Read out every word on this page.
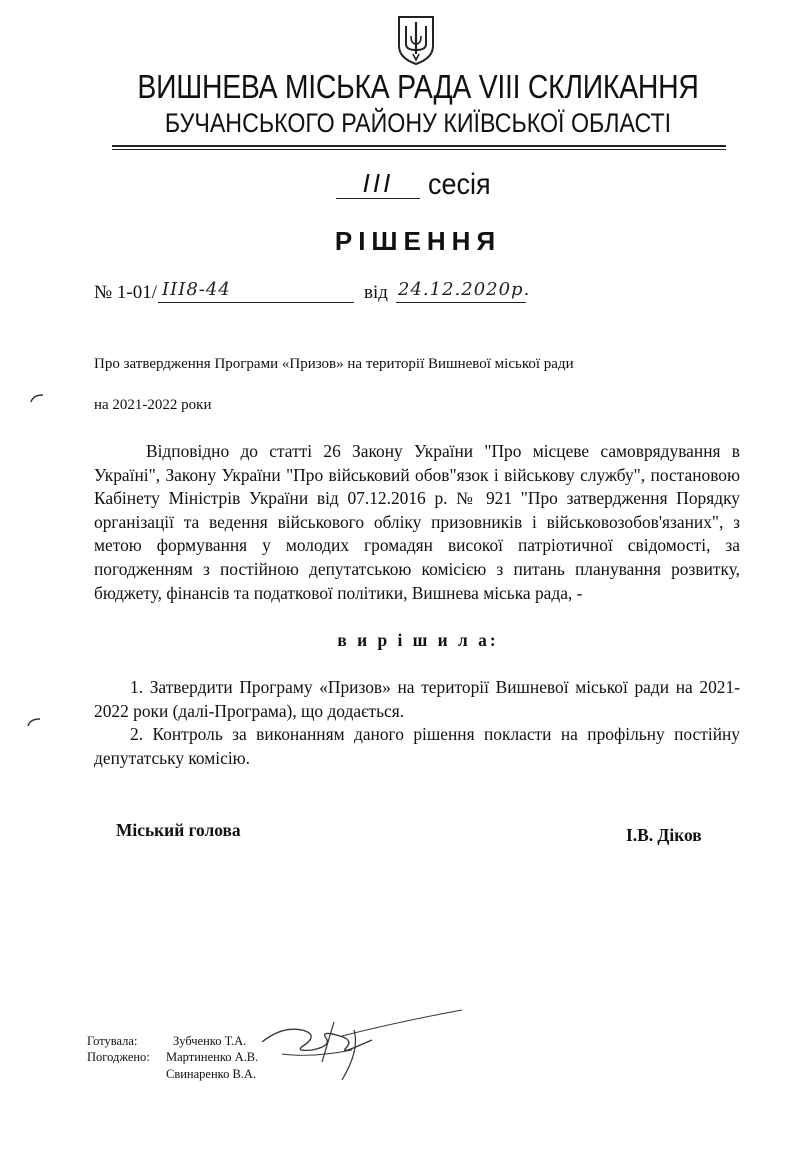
ВИШНЕВА МІСЬКА РАДА VIII СКЛИКАННЯ
БУЧАНСЬКОГО РАЙОНУ КИЇВСЬКОЇ ОБЛАСТІ
III	сесія
РІШЕННЯ
№ 1-01/ III8-44	від 24.12.2020р.
Про затвердження Програми «Призов» на території Вишневої міської ради
на 2021-2022 роки
Відповідно до статті 26 Закону України "Про місцеве самоврядування в Україні", Закону України "Про військовий обов"язок і військову службу", постановою Кабінету Міністрів України від 07.12.2016 р. № 921 "Про затвердження Порядку організації та ведення військового обліку призовників і військовозобов'язаних", з метою формування у молодих громадян високої патріотичної свідомості, за погодженням з постійною депутатською комісією з питань планування розвитку, бюджету, фінансів та податкової політики, Вишнева міська рада, -
в и р і ш и л а:
1. Затвердити Програму «Призов» на території Вишневої міської ради на 2021-2022 роки (далі-Програма), що додається.
2. Контроль за виконанням даного рішення покласти на профільну постійну депутатську комісію.
Міський голова	І.В. Діков
Готувала:	Зубченко Т.А.
Погоджено: Мартиненко А.В.
Свинаренко В.А.
